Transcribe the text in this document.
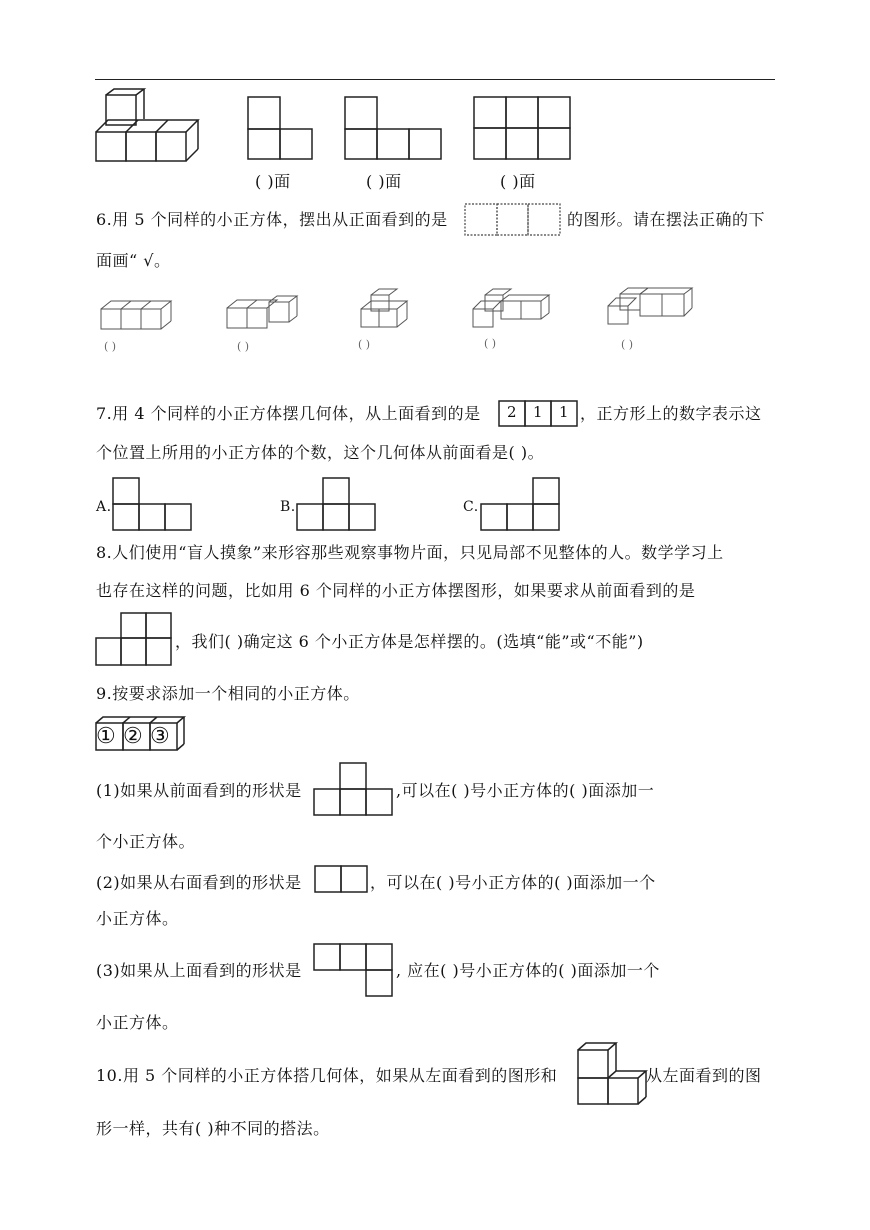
( )面	( )面	( )面
6.用 5 个同样的小正方体，摆出从正面看到的是	的图形。请在摆法正确的下
面画“ √。
( )	( )	( )	( )	( )
7.用 4 个同样的小正方体摆几何体，从上面看到的是 2 1 1 ，正方形上的数字表示这
个位置上所用的小正方体的个数，这个几何体从前面看是( )。
A.	B.	C.
8.人们使用“盲人摸象”来形容那些观察事物片面，只见局部不见整体的人。数学学习上
也存在这样的问题，比如用 6 个同样的小正方体摆图形，如果要求从前面看到的是
，我们( )确定这 6 个小正方体是怎样摆的。(选填“能”或“不能”)
9.按要求添加一个相同的小正方体。
① ② ③
(1)如果从前面看到的形状是	,可以在( )号小正方体的( )面添加一
个小正方体。
(2)如果从右面看到的形状是	，可以在( )号小正方体的( )面添加一个
小正方体。
(3)如果从上面看到的形状是	, 应在( )号小正方体的( )面添加一个
小正方体。
10.用 5 个同样的小正方体搭几何体，如果从左面看到的图形和	从左面看到的图
形一样，共有( )种不同的搭法。
